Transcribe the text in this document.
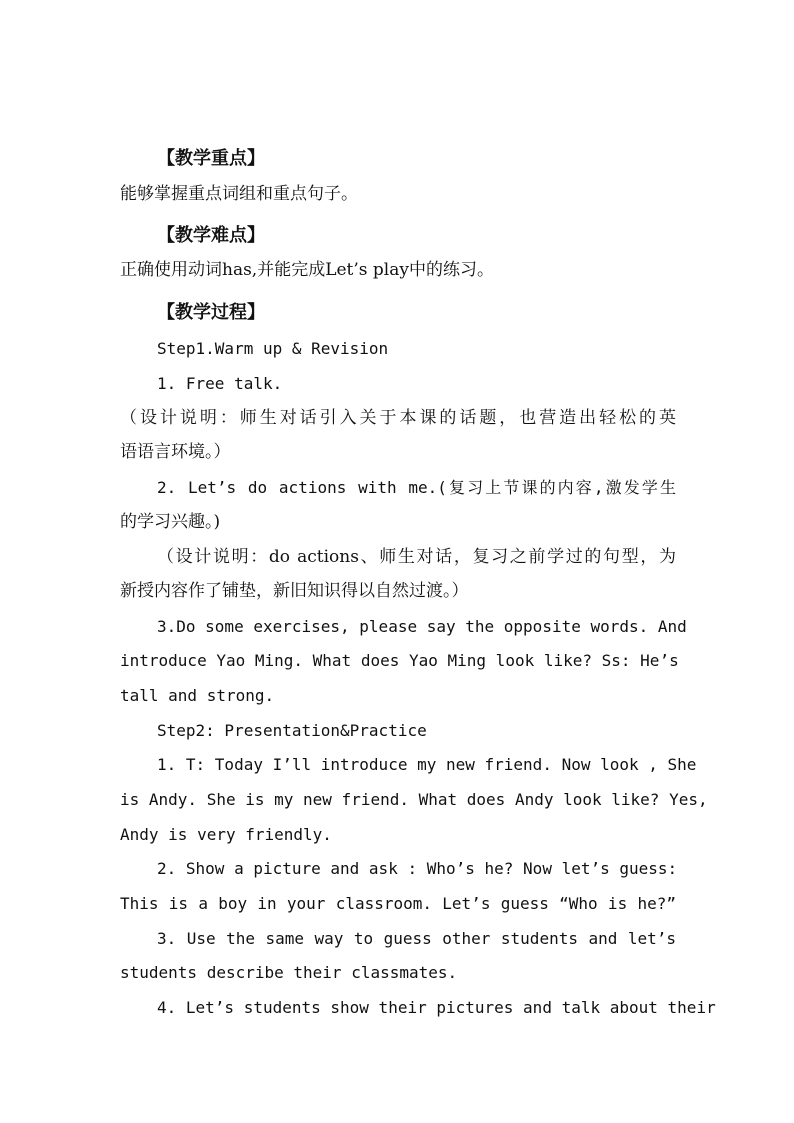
【教学重点】
能够掌握重点词组和重点句子。
【教学难点】
正确使用动词has,并能完成Let’s play中的练习。
【教学过程】
Step1.Warm up & Revision
1. Free talk.
（设计说明：师生对话引入关于本课的话题，也营造出轻松的英
语语言环境。）
2. Let’s do actions with me.(复习上节课的内容,激发学生
的学习兴趣。)
（设计说明：do actions、师生对话，复习之前学过的句型，为
新授内容作了铺垫，新旧知识得以自然过渡。）
3.Do some exercises, please say the opposite words. And
introduce Yao Ming. What does Yao Ming look like? Ss: He’s
tall and strong.
Step2: Presentation&Practice
1. T: Today I’ll introduce my new friend. Now look , She
is Andy. She is my new friend. What does Andy look like? Yes,
Andy is very friendly.
2. Show a picture and ask : Who’s he? Now let’s guess:
This is a boy in your classroom. Let’s guess “Who is he?”
3. Use the same way to guess other students and let’s
students describe their classmates.
4. Let’s students show their pictures and talk about their
